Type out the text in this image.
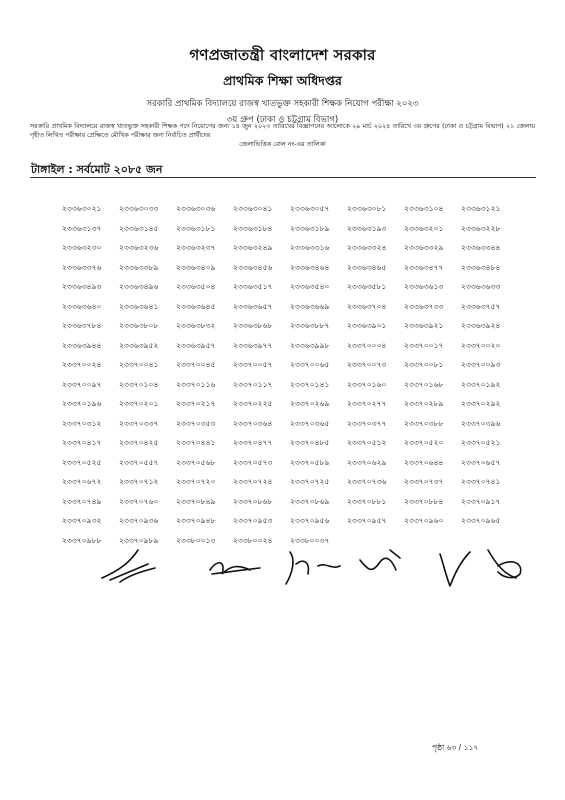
গণপ্রজাতন্ত্রী বাংলাদেশ সরকার
প্রাথমিক শিক্ষা অধিদপ্তর
সরকারি প্রাথমিক বিদ্যালয়ে রাজস্ব খাতভুক্ত সহকারী শিক্ষক নিয়োগ পরীক্ষা ২০২৩
৩য় গ্রুপ (ঢাকা ও চট্টগ্রাম বিভাগ)
সরকারি প্রাথমিক বিদ্যালয়ে রাজস্ব খাতভুক্ত সহকারী শিক্ষক পদে নিয়োগের জন্য ১৪ জুন ২০২৩ তারিখের বিজ্ঞাপনের আলোকে ২৯ মার্চ ২০২৪ তারিখে ৩য় গ্রুপের (ঢাকা ও চট্টগ্রাম বিভাগ) ২১ জেলায় গৃহীত লিখিত পরীক্ষার প্রেক্ষিতে মৌখিক পরীক্ষার জন্য নির্বাচিত প্রার্থীদের
জেলাভিত্তিক রোল নং-এর তালিকা
টাঙ্গাইল : সর্বমোট ২০৮৫ জন
২৩৩৬৩০২১	২৩৩৬৩০৩৩	২৩৩৬৩০৩৬	২৩৩৬৩০৪১	২৩৩৬৩০৫৭	২৩৩৬৩০৮১	২৩৩৬৩১০৪	২৩৩৬৩১২১
২৩৩৬৩১৩৭	২৩৩৬৩১৪৫	২৩৩৬৩১৮১	২৩৩৬৩১৮৪	২৩৩৬৩১৮৯	২৩৩৬৩১৯৩	২৩৩৬৩২০১	২৩৩৬৩২২৮
২৩৩৬৩২৩০	২৩৩৬৩২৩৬	২৩৩৬৩২৩৭	২৩৩৬৩২৪৯	২৩৩৬৩৩১৬	২৩৩৬৩৩২৪	২৩৩৬৩৩২৯	২৩৩৬৩৩৪৪
২৩৩৬৩৩৭৬	২৩৩৬৩৩৮৯	২৩৩৬৩৪০৯	২৩৩৬৩৪৫৬	২৩৩৬৩৪৬৪	২৩৩৬৩৪৬৫	২৩৩৬৩৪৭৭	২৩৩৬৩৪৮৪
২৩৩৬৩৪৯৩	২৩৩৬৩৪৯৬	২৩৩৬৩৫০৪	২৩৩৬৩৫১৭	২৩৩৬৩৫৪০	২৩৩৬৩৫৮১	২৩৩৬৩৬১৩	২৩৩৬৩৬৩৩
২৩৩৬৩৬৪০	২৩৩৬৩৬৪১	২৩৩৬৩৬৪৫	২৩৩৬৩৬৫৭	২৩৩৬৩৬৬৯	২৩৩৬৩৭০৪	২৩৩৬৩৭৩৩	২৩৩৬৩৭৫৭
২৩৩৬৩৭৮৪	২৩৩৬৩৮০৮	২৩৩৬৩৮৩২	২৩৩৬৩৮৬৮	২৩৩৬৩৮৮৭	২৩৩৬৩৯০১	২৩৩৬৩৯২১	২৩৩৬৩৯২৪
২৩৩৬৩৯৪৪	২৩৩৬৩৯৫২	২৩৩৬৩৯৫৭	২৩৩৬৩৯৭৭	২৩৩৬৩৯৯৮	২৩৩৭০০০৪	২৩৩৭০০১৭	২৩৩৭০০২০
২৩৩৭০০২৪	২৩৩৭০০৪১	২৩৩৭০০৪৫	২৩৩৭০০৫৭	২৩৩৭০০৬৫	২৩৩৭০০৭৩	২৩৩৭০০৮১	২৩৩৭০০৯৩
২৩৩৭০০৯৭	২৩৩৭০১০৪	২৩৩৭০১১৬	২৩৩৭০১১৭	২৩৩৭০১৪১	২৩৩৭০১৬০	২৩৩৭০১৬৮	২৩৩৭০১৯২
২৩৩৭০১৯৬	২৩৩৭০২০১	২৩৩৭০২১৭	২৩৩৭০২২৫	২৩৩৭০২৬৯	২৩৩৭০২৭৭	২৩৩৭০২৮৯	২৩৩৭০২৯২
২৩৩৭০৩১২	২৩৩৭০৩৩৭	২৩৩৭০৩৫৩	২৩৩৭০৩৬৪	২৩৩৭০৩৬৫	২৩৩৭০৩৭৭	২৩৩৭০৩৮৮	২৩৩৭০৩৯৬
২৩৩৭০৪১৭	২৩৩৭০৪২৫	২৩৩৭০৪৪১	২৩৩৭০৪৭৭	২৩৩৭০৪৮৫	২৩৩৭০৫১২	২৩৩৭০৫২০	২৩৩৭০৫২১
২৩৩৭০৫২৫	২৩৩৭০৫৫৭	২৩৩৭০৫৬৮	২৩৩৭০৫৭৩	২৩৩৭০৫৮৯	২৩৩৭০৬২৯	২৩৩৭০৬৪৪	২৩৩৭০৬৫৭
২৩৩৭০৬৭২	২৩৩৭০৭১২	২৩৩৭০৭২০	২৩৩৭০৭২৪	২৩৩৭০৭২৫	২৩৩৭০৭৩৬	২৩৩৭০৭৩৭	২৩৩৭০৭৪১
২৩৩৭০৭৪৯	২৩৩৭০৭৬০	২৩৩৭০৮৪৯	২৩৩৭০৮৬৮	২৩৩৭০৮৬৯	২৩৩৭০৮৮১	২৩৩৭০৮৮৪	২৩৩৭০৯১৭
২৩৩৭০৯৩২	২৩৩৭০৯৩৬	২৩৩৭০৯৪৮	২৩৩৭০৯৫৩	২৩৩৭০৯৫৬	২৩৩৭০৯৫৭	২৩৩৭০৯৬০	২৩৩৭০৯৬৫
২৩৩৭০৯৮৮	২৩৩৭০৯৮৯	২৩৩৮০০১৩	২৩৩৮০০২৪	২৩৩৮০০৩৭
পৃষ্ঠা ৬৩ / ১১৭
